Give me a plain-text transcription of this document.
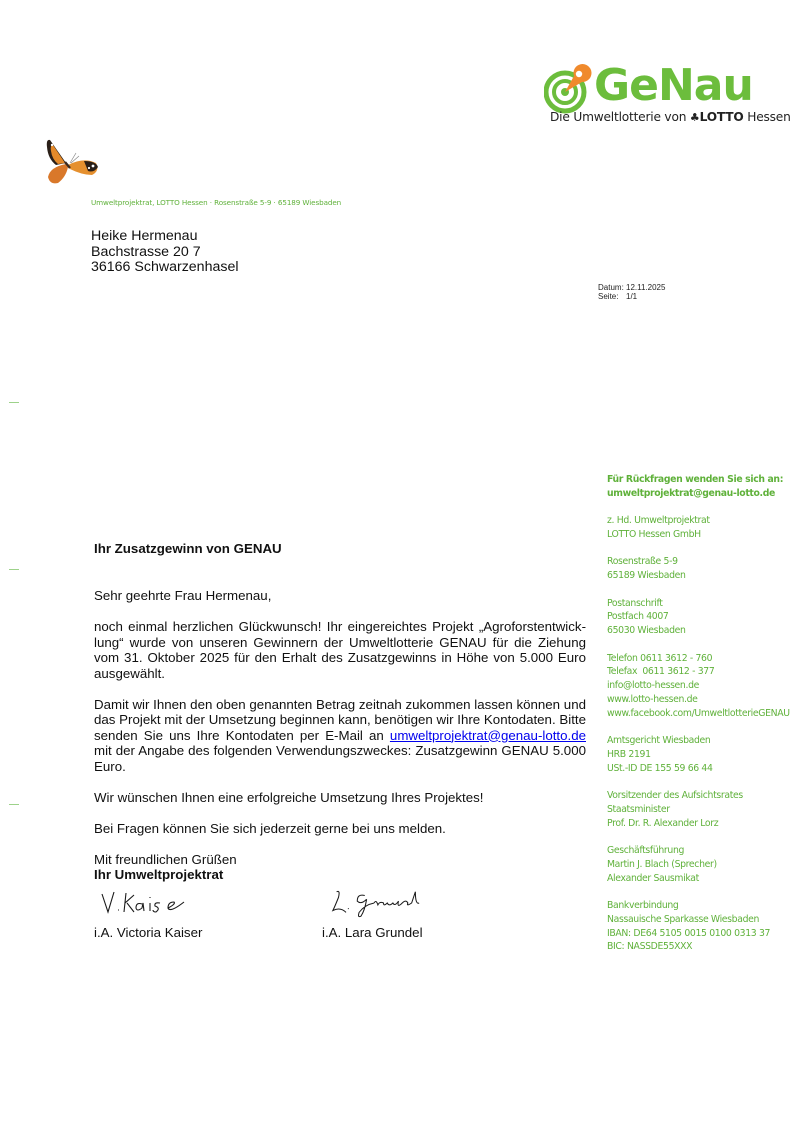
GeNau
Die Umweltlotterie von ♣LOTTO Hessen
Umweltprojektrat, LOTTO Hessen · Rosenstraße 5-9 · 65189 Wiesbaden
Heike Hermenau
Bachstrasse 20 7
36166 Schwarzenhasel
Datum: 12.11.2025
Seite: 1/1
Für Rückfragen wenden Sie sich an:
umweltprojektrat@genau-lotto.de
z. Hd. Umweltprojektrat
LOTTO Hessen GmbH
Rosenstraße 5-9
65189 Wiesbaden
Postanschrift
Postfach 4007
65030 Wiesbaden
Telefon 0611 3612 - 760
Telefax  0611 3612 - 377
info@lotto-hessen.de
www.lotto-hessen.de
www.facebook.com/UmweltlotterieGENAU
Amtsgericht Wiesbaden
HRB 2191
USt.-ID DE 155 59 66 44
Vorsitzender des Aufsichtsrates
Staatsminister
Prof. Dr. R. Alexander Lorz
Geschäftsführung
Martin J. Blach (Sprecher)
Alexander Sausmikat
Bankverbindung
Nassauische Sparkasse Wiesbaden
IBAN: DE64 5105 0015 0100 0313 37
BIC: NASSDE55XXX
Ihr Zusatzgewinn von GENAU

Sehr geehrte Frau Hermenau,

noch einmal herzlichen Glückwunsch! Ihr eingereichtes Projekt „Agroforstentwicklung“ wurde von unseren Gewinnern der Umweltlotterie GENAU für die Ziehung vom 31. Oktober 2025 für den Erhalt des Zusatzgewinns in Höhe von 5.000 Euro ausgewählt.

Damit wir Ihnen den oben genannten Betrag zeitnah zukommen lassen können und das Projekt mit der Umsetzung beginnen kann, benötigen wir Ihre Kontodaten. Bitte senden Sie uns Ihre Kontodaten per E-Mail an umweltprojektrat@genau-lotto.de mit der Angabe des folgenden Verwendungszweckes: Zusatzgewinn GENAU 5.000 Euro.

Wir wünschen Ihnen eine erfolgreiche Umsetzung Ihres Projektes!

Bei Fragen können Sie sich jederzeit gerne bei uns melden.

Mit freundlichen Grüßen
Ihr Umweltprojektrat
i.A. Victoria Kaiser	i.A. Lara Grundel
